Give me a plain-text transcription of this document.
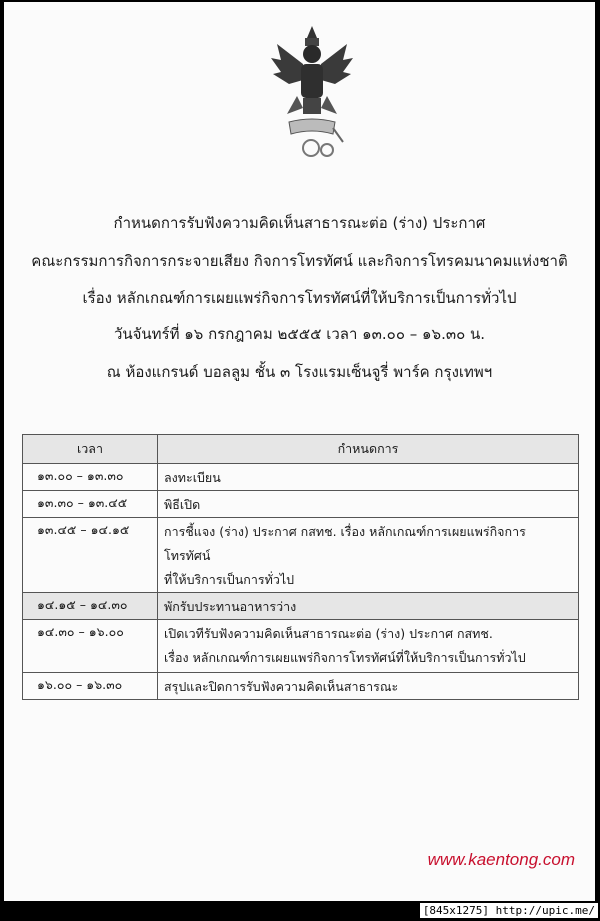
กำหนดการรับฟังความคิดเห็นสาธารณะต่อ (ร่าง) ประกาศ
คณะกรรมการกิจการกระจายเสียง กิจการโทรทัศน์ และกิจการโทรคมนาคมแห่งชาติ
เรื่อง หลักเกณฑ์การเผยแพร่กิจการโทรทัศน์ที่ให้บริการเป็นการทั่วไป
วันจันทร์ที่ ๑๖ กรกฎาคม ๒๕๕๕ เวลา ๑๓.๐๐ – ๑๖.๓๐ น.
ณ ห้องแกรนด์ บอลลูม ชั้น ๓ โรงแรมเซ็นจูรี่ พาร์ค กรุงเทพฯ
เวลา	กำหนดการ
๑๓.๐๐ – ๑๓.๓๐	ลงทะเบียน

๑๓.๓๐ – ๑๓.๔๕	พิธีเปิด

๑๓.๔๕ – ๑๔.๑๕	การชี้แจง (ร่าง) ประกาศ กสทช. เรื่อง หลักเกณฑ์การเผยแพร่กิจการโทรทัศน์
ที่ให้บริการเป็นการทั่วไป

๑๔.๑๕ – ๑๔.๓๐	พักรับประทานอาหารว่าง

๑๔.๓๐ – ๑๖.๐๐	เปิดเวทีรับฟังความคิดเห็นสาธารณะต่อ (ร่าง) ประกาศ กสทช.
เรื่อง หลักเกณฑ์การเผยแพร่กิจการโทรทัศน์ที่ให้บริการเป็นการทั่วไป

๑๖.๐๐ – ๑๖.๓๐	สรุปและปิดการรับฟังความคิดเห็นสาธารณะ
www.kaentong.com
[845x1275] http://upic.me/
